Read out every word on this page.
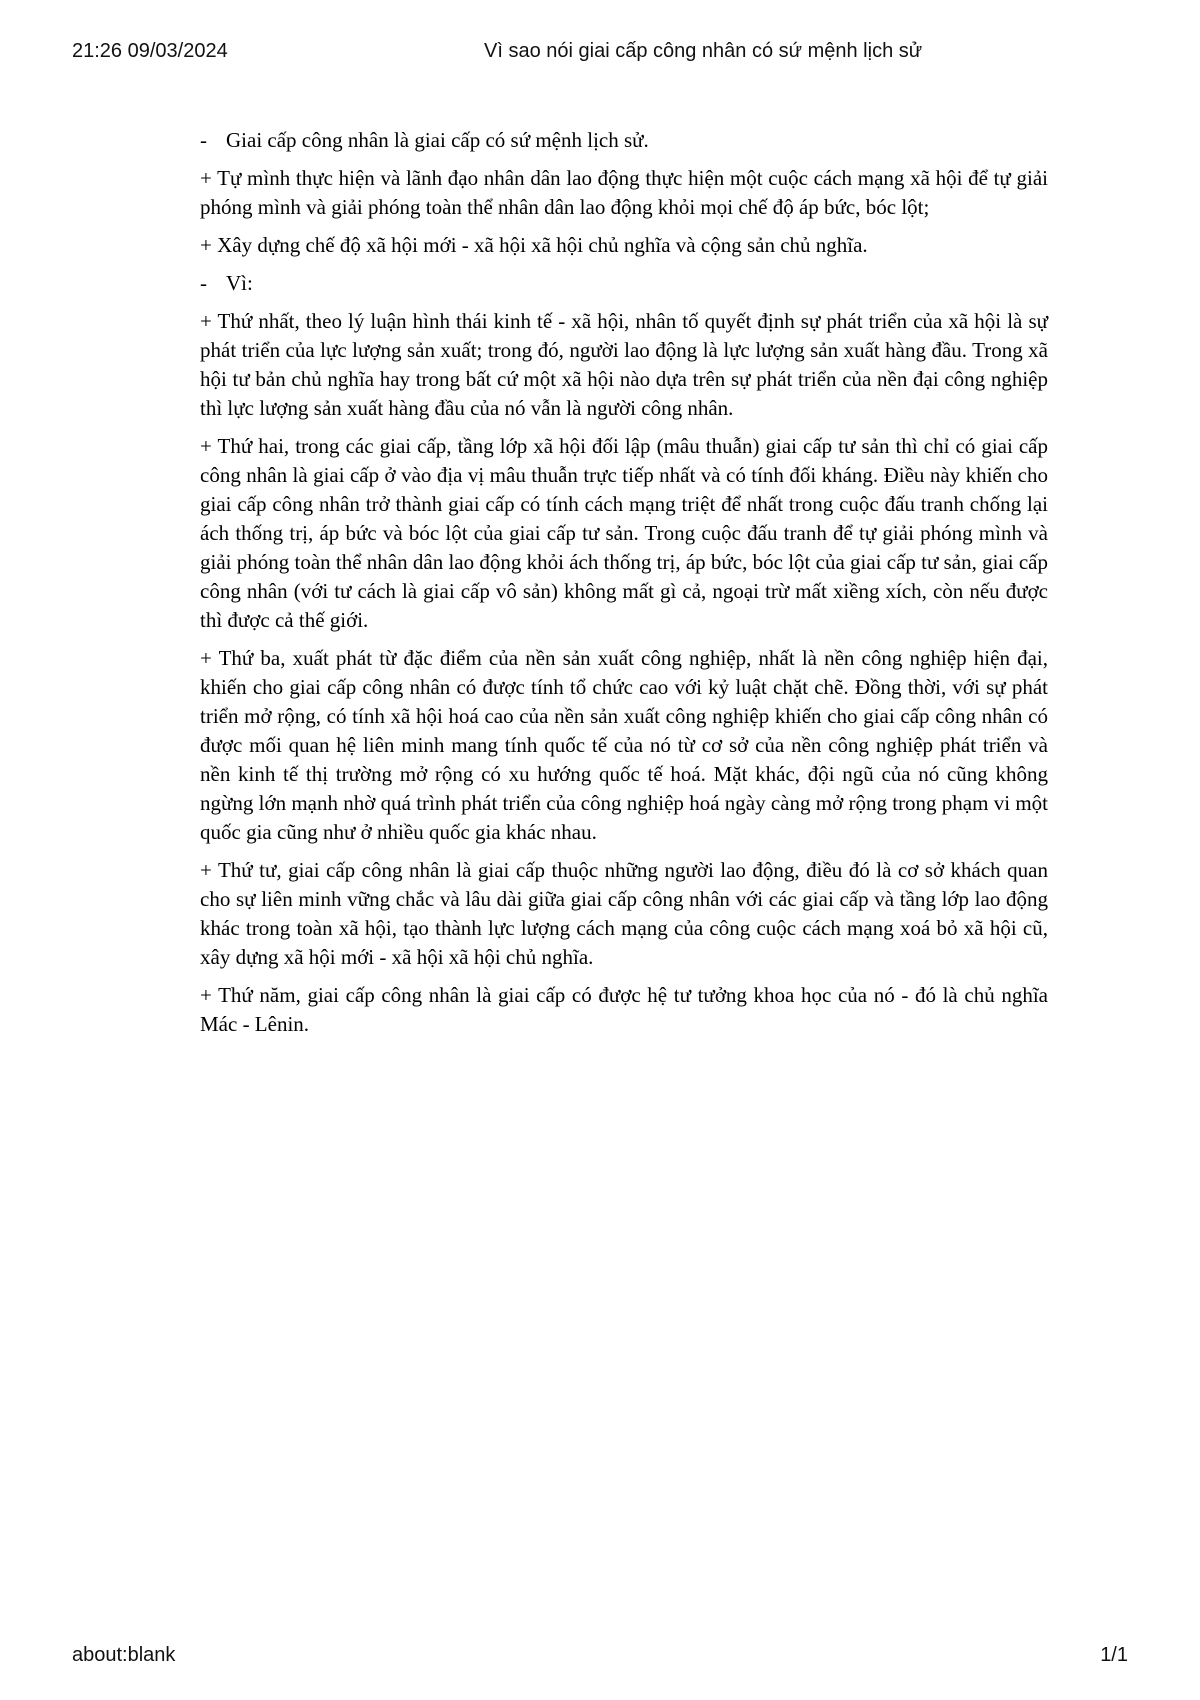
21:26 09/03/2024	Vì sao nói giai cấp công nhân có sứ mệnh lịch sử

- Giai cấp công nhân là giai cấp có sứ mệnh lịch sử.

+ Tự mình thực hiện và lãnh đạo nhân dân lao động thực hiện một cuộc cách mạng xã hội để tự giải phóng mình và giải phóng toàn thể nhân dân lao động khỏi mọi chế độ áp bức, bóc lột;

+ Xây dựng chế độ xã hội mới - xã hội xã hội chủ nghĩa và cộng sản chủ nghĩa.

- Vì:

+ Thứ nhất, theo lý luận hình thái kinh tế - xã hội, nhân tố quyết định sự phát triển của xã hội là sự phát triển của lực lượng sản xuất; trong đó, người lao động là lực lượng sản xuất hàng đầu. Trong xã hội tư bản chủ nghĩa hay trong bất cứ một xã hội nào dựa trên sự phát triển của nền đại công nghiệp thì lực lượng sản xuất hàng đầu của nó vẫn là người công nhân.

+ Thứ hai, trong các giai cấp, tầng lớp xã hội đối lập (mâu thuẫn) giai cấp tư sản thì chỉ có giai cấp công nhân là giai cấp ở vào địa vị mâu thuẫn trực tiếp nhất và có tính đối kháng. Điều này khiến cho giai cấp công nhân trở thành giai cấp có tính cách mạng triệt để nhất trong cuộc đấu tranh chống lại ách thống trị, áp bức và bóc lột của giai cấp tư sản. Trong cuộc đấu tranh để tự giải phóng mình và giải phóng toàn thể nhân dân lao động khỏi ách thống trị, áp bức, bóc lột của giai cấp tư sản, giai cấp công nhân (với tư cách là giai cấp vô sản) không mất gì cả, ngoại trừ mất xiềng xích, còn nếu được thì được cả thế giới.

+ Thứ ba, xuất phát từ đặc điểm của nền sản xuất công nghiệp, nhất là nền công nghiệp hiện đại, khiến cho giai cấp công nhân có được tính tổ chức cao với kỷ luật chặt chẽ. Đồng thời, với sự phát triển mở rộng, có tính xã hội hoá cao của nền sản xuất công nghiệp khiến cho giai cấp công nhân có được mối quan hệ liên minh mang tính quốc tế của nó từ cơ sở của nền công nghiệp phát triển và nền kinh tế thị trường mở rộng có xu hướng quốc tế hoá. Mặt khác, đội ngũ của nó cũng không ngừng lớn mạnh nhờ quá trình phát triển của công nghiệp hoá ngày càng mở rộng trong phạm vi một quốc gia cũng như ở nhiều quốc gia khác nhau.

+ Thứ tư, giai cấp công nhân là giai cấp thuộc những người lao động, điều đó là cơ sở khách quan cho sự liên minh vững chắc và lâu dài giữa giai cấp công nhân với các giai cấp và tầng lớp lao động khác trong toàn xã hội, tạo thành lực lượng cách mạng của công cuộc cách mạng xoá bỏ xã hội cũ, xây dựng xã hội mới - xã hội xã hội chủ nghĩa.

+ Thứ năm, giai cấp công nhân là giai cấp có được hệ tư tưởng khoa học của nó - đó là chủ nghĩa Mác - Lênin.

about:blank	1/1
